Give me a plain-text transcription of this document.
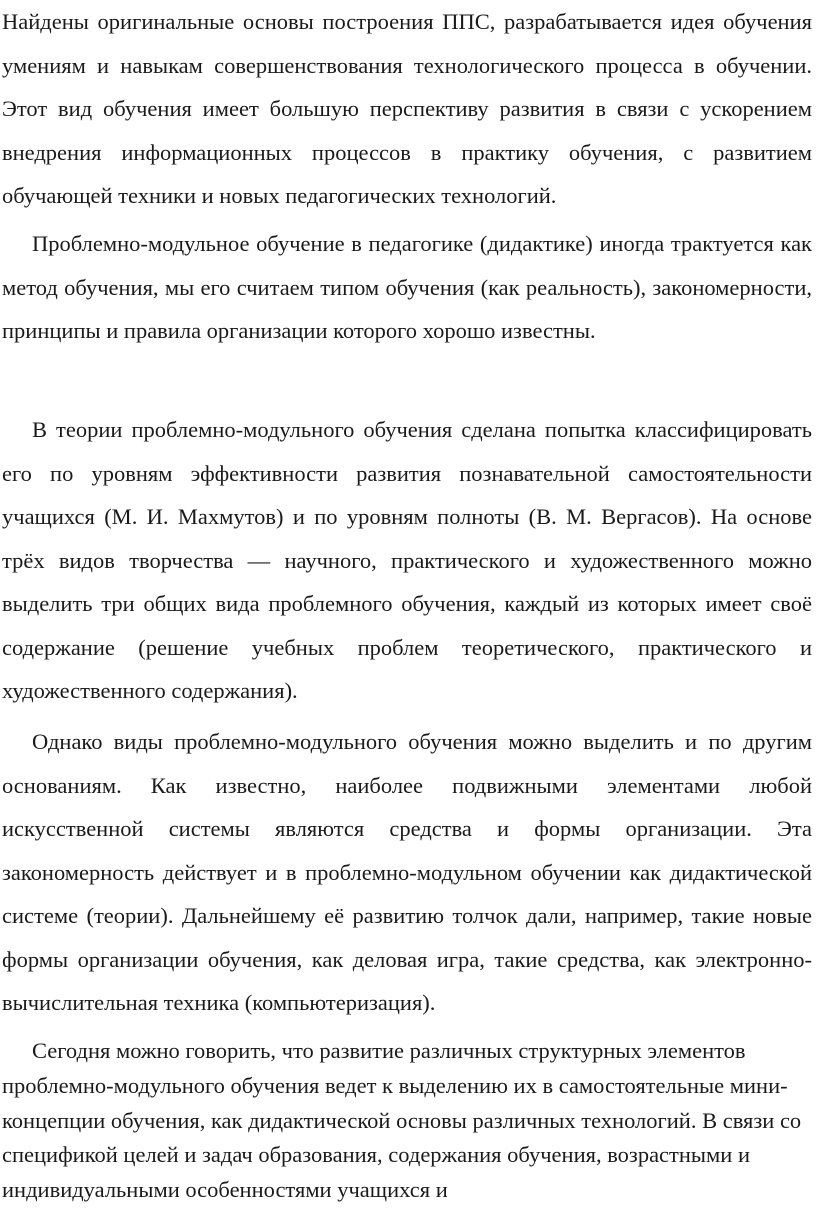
Найдены оригинальные основы построения ППС, разрабатывается идея обучения умениям и навыкам совершенствования технологического процесса в обучении. Этот вид обучения имеет большую перспективу развития в связи с ускорением внедрения информационных процессов в практику обучения, с развитием обучающей техники и новых педагогических технологий.

Проблемно-модульное обучение в педагогике (дидактике) иногда трактуется как метод обучения, мы его считаем типом обучения (как реальность), закономерности, принципы и правила организации которого хорошо известны.

В теории проблемно-модульного обучения сделана попытка классифицировать его по уровням эффективности развития познавательной самостоятельности учащихся (М. И. Махмутов) и по уровням полноты (В. М. Вергасов). На основе трёх видов творчества — научного, практического и художественного можно выделить три общих вида проблемного обучения, каждый из которых имеет своё содержание (решение учебных проблем теоретического, практического и художественного содержания).

Однако виды проблемно-модульного обучения можно выделить и по другим основаниям. Как известно, наиболее подвижными элементами любой искусственной системы являются средства и формы организации. Эта закономерность действует и в проблемно-модульном обучении как дидактической системе (теории). Дальнейшему её развитию толчок дали, например, такие новые формы организации обучения, как деловая игра, такие средства, как электронно-вычислительная техника (компьютеризация).

Сегодня можно говорить, что развитие различных структурных элементов проблемно-модульного обучения ведет к выделению их в самостоятельные мини-концепции обучения, как дидактической основы различных технологий. В связи со спецификой целей и задач образования, содержания обучения, возрастными и индивидуальными особенностями учащихся и
